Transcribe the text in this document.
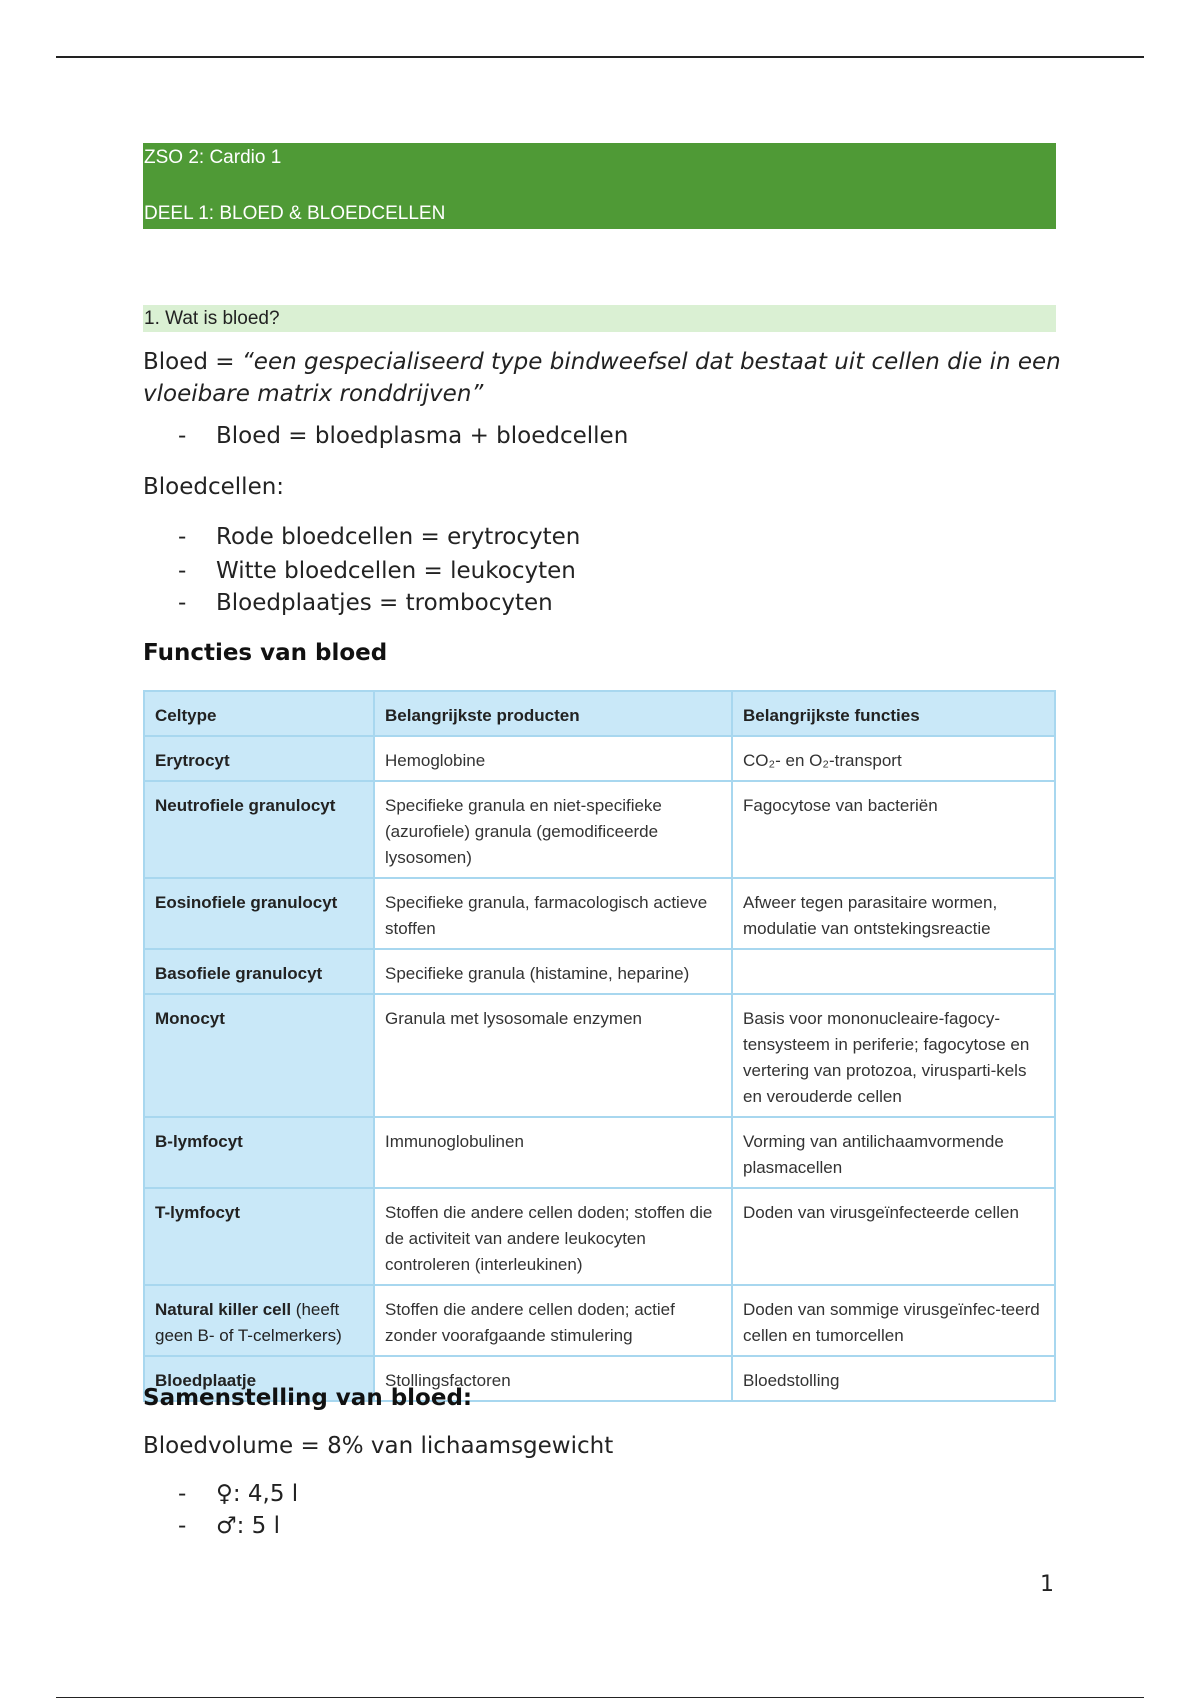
ZSO 2: Cardio 1
DEEL 1: BLOED & BLOEDCELLEN
1. Wat is bloed?
Bloed = “een gespecialiseerd type bindweefsel dat bestaat uit cellen die in een vloeibare matrix ronddrijven”
- Bloed = bloedplasma + bloedcellen
Bloedcellen:
- Rode bloedcellen = erytrocyten
- Witte bloedcellen = leukocyten
- Bloedplaatjes = trombocyten
Functies van bloed
Celtype	Belangrijkste producten	Belangrijkste functies
Erytrocyt	Hemoglobine	CO₂- en O₂-transport
Neutrofiele granulocyt	Specifieke granula en niet-specifieke (azurofiele) granula (gemodificeerde lysosomen)	Fagocytose van bacteriën
Eosinofiele granulocyt	Specifieke granula, farmacologisch actieve stoffen	Afweer tegen parasitaire wormen, modulatie van ontstekingsreactie
Basofiele granulocyt	Specifieke granula (histamine, heparine)	
Monocyt	Granula met lysosomale enzymen	Basis voor mononucleaire-fagocy-tensysteem in periferie; fagocytose en vertering van protozoa, virusparti-kels en verouderde cellen
B-lymfocyt	Immunoglobulinen	Vorming van antilichaamvormende plasmacellen
T-lymfocyt	Stoffen die andere cellen doden; stoffen die de activiteit van andere leukocyten controleren (interleukinen)	Doden van virusgeïnfecteerde cellen
Natural killer cell (heeft geen B- of T-celmerkers)	Stoffen die andere cellen doden; actief zonder voorafgaande stimulering	Doden van sommige virusgeïnfec-teerd cellen en tumorcellen
Bloedplaatje	Stollingsfactoren	Bloedstolling
Samenstelling van bloed:
Bloedvolume = 8% van lichaamsgewicht
- ♀: 4,5 l
- ♂: 5 l
1
